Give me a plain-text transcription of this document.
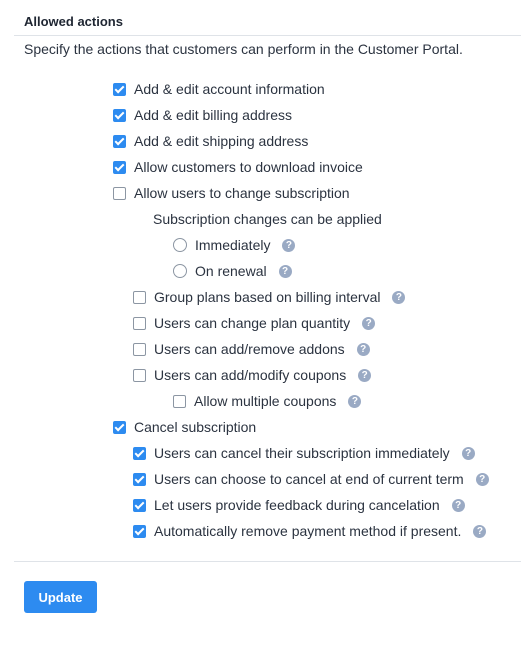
Allowed actions
Specify the actions that customers can perform in the Customer Portal.
Add & edit account information
Add & edit billing address
Add & edit shipping address
Allow customers to download invoice
Allow users to change subscription
Subscription changes can be applied
Immediately	?
On renewal	?
Group plans based on billing interval	?
Users can change plan quantity	?
Users can add/remove addons	?
Users can add/modify coupons	?
Allow multiple coupons	?
Cancel subscription
Users can cancel their subscription immediately	?
Users can choose to cancel at end of current term	?
Let users provide feedback during cancelation	?
Automatically remove payment method if present.	?
Update
